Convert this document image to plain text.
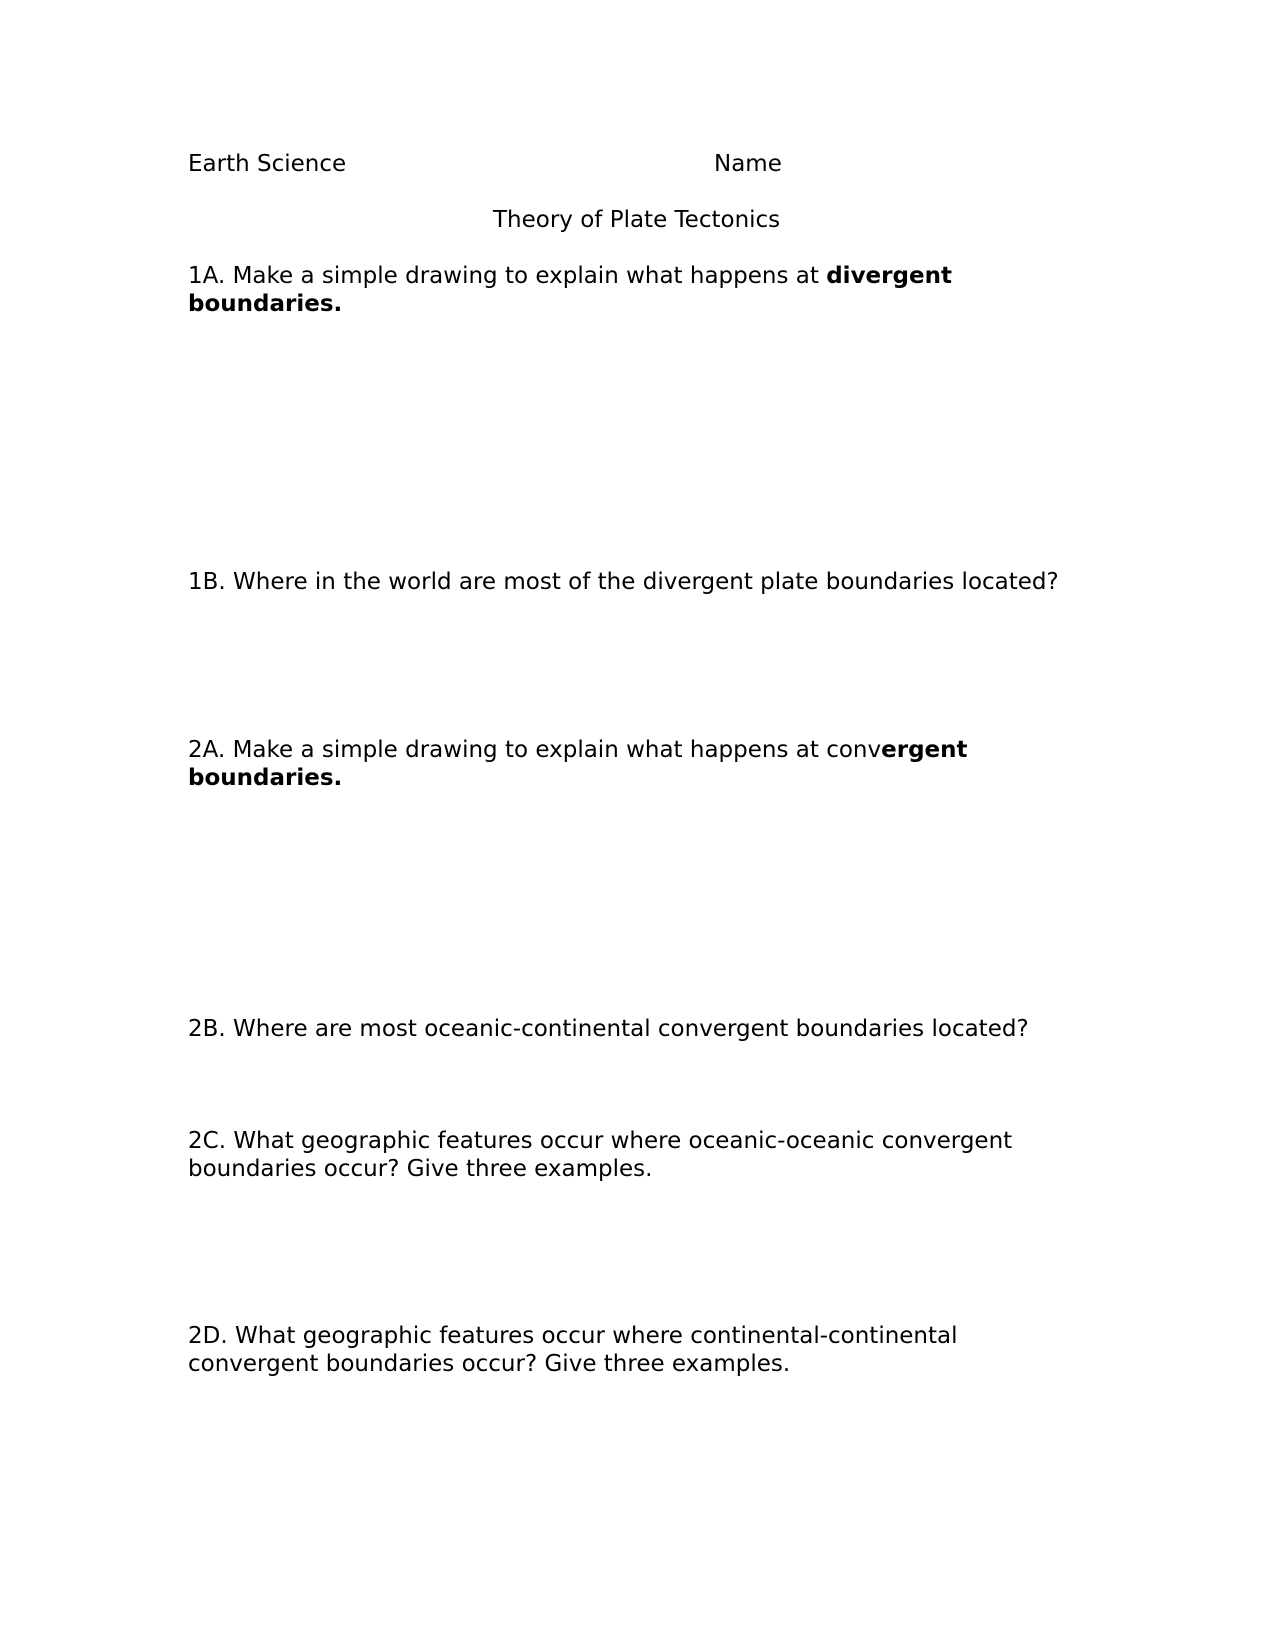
Earth Science	Name
Theory of Plate Tectonics
1A. Make a simple drawing to explain what happens at divergent
boundaries.
1B. Where in the world are most of the divergent plate boundaries located?
2A. Make a simple drawing to explain what happens at convergent
boundaries.
2B. Where are most oceanic-continental convergent boundaries located?
2C. What geographic features occur where oceanic-oceanic convergent
boundaries occur? Give three examples.
2D. What geographic features occur where continental-continental
convergent boundaries occur? Give three examples.
